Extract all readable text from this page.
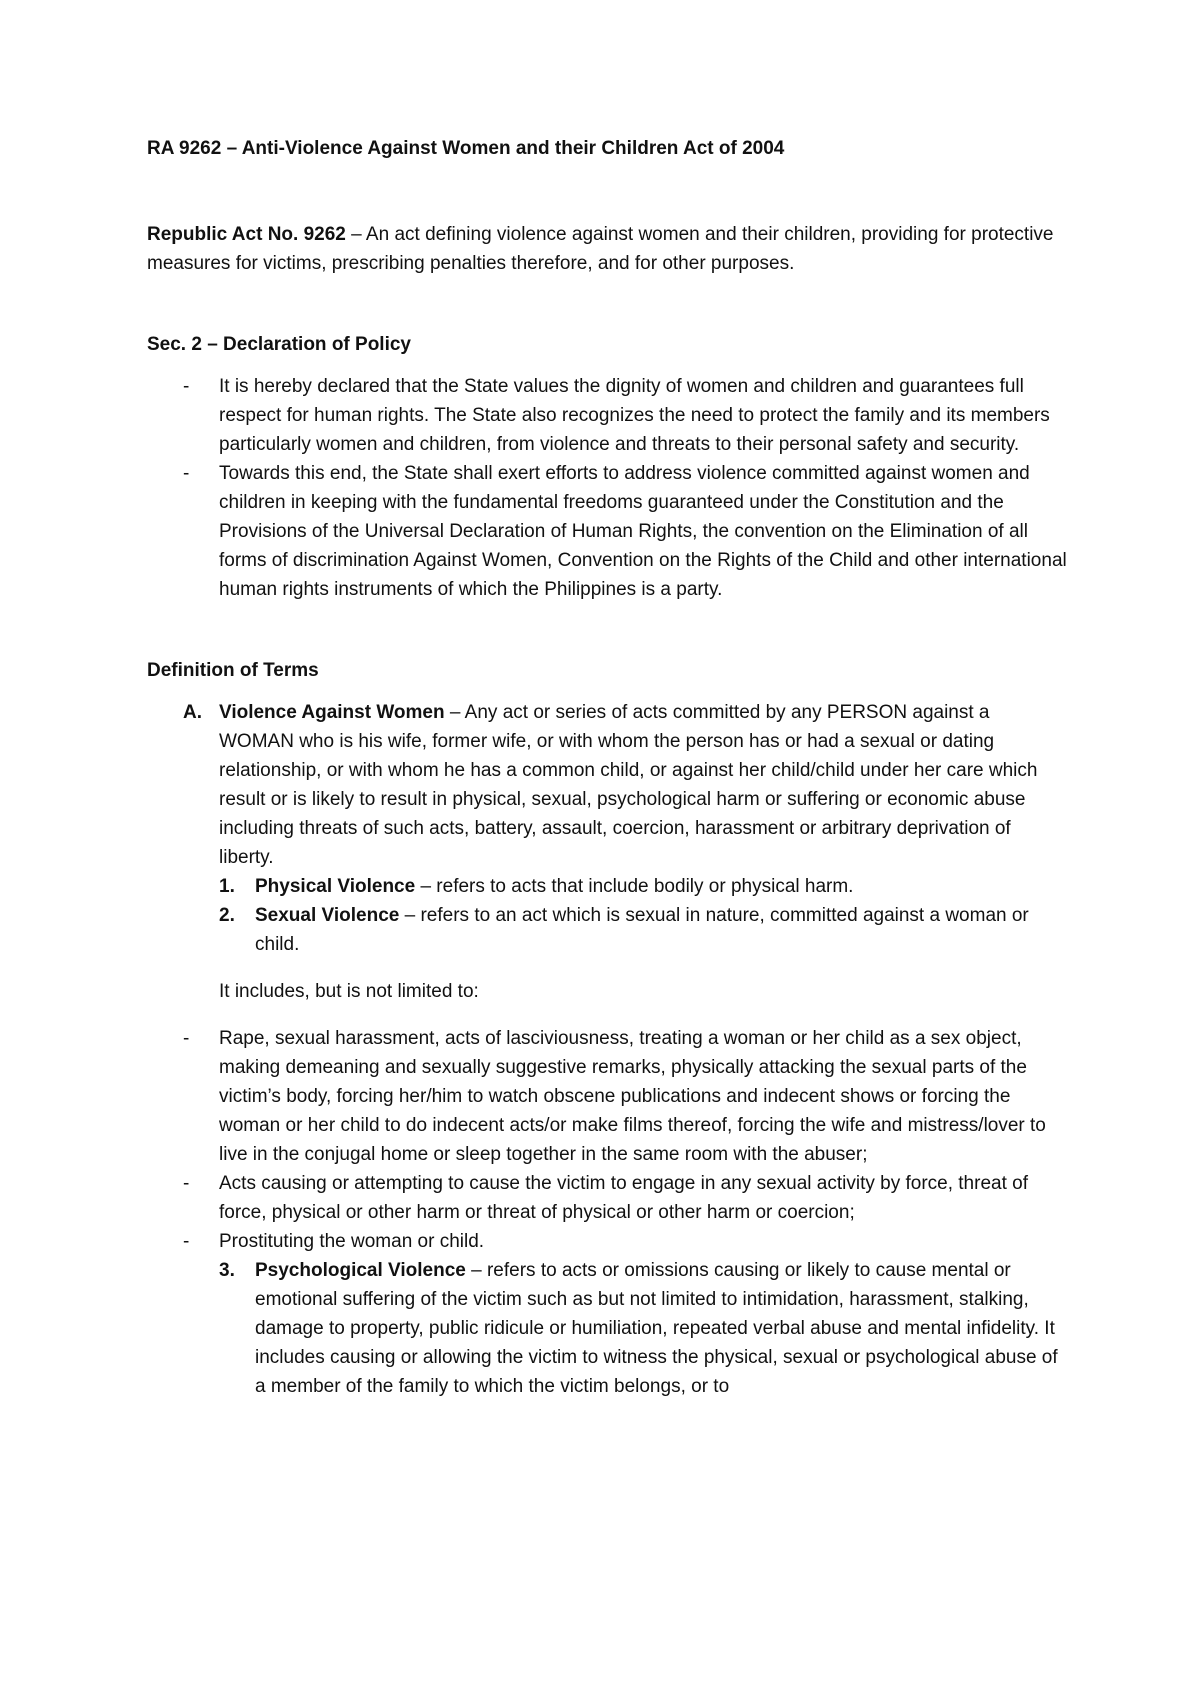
RA 9262 – Anti-Violence Against Women and their Children Act of 2004

Republic Act No. 9262 – An act defining violence against women and their children, providing for protective measures for victims, prescribing penalties therefore, and for other purposes.

Sec. 2 – Declaration of Policy

- It is hereby declared that the State values the dignity of women and children and guarantees full respect for human rights. The State also recognizes the need to protect the family and its members particularly women and children, from violence and threats to their personal safety and security.

- Towards this end, the State shall exert efforts to address violence committed against women and children in keeping with the fundamental freedoms guaranteed under the Constitution and the Provisions of the Universal Declaration of Human Rights, the convention on the Elimination of all forms of discrimination Against Women, Convention on the Rights of the Child and other international human rights instruments of which the Philippines is a party.

Definition of Terms

A. Violence Against Women – Any act or series of acts committed by any PERSON against a WOMAN who is his wife, former wife, or with whom the person has or had a sexual or dating relationship, or with whom he has a common child, or against her child/child under her care which result or is likely to result in physical, sexual, psychological harm or suffering or economic abuse including threats of such acts, battery, assault, coercion, harassment or arbitrary deprivation of liberty.

1. Physical Violence – refers to acts that include bodily or physical harm.

2. Sexual Violence – refers to an act which is sexual in nature, committed against a woman or child.

It includes, but is not limited to:

- Rape, sexual harassment, acts of lasciviousness, treating a woman or her child as a sex object, making demeaning and sexually suggestive remarks, physically attacking the sexual parts of the victim’s body, forcing her/him to watch obscene publications and indecent shows or forcing the woman or her child to do indecent acts/or make films thereof, forcing the wife and mistress/lover to live in the conjugal home or sleep together in the same room with the abuser;

- Acts causing or attempting to cause the victim to engage in any sexual activity by force, threat of force, physical or other harm or threat of physical or other harm or coercion;

- Prostituting the woman or child.

3. Psychological Violence – refers to acts or omissions causing or likely to cause mental or emotional suffering of the victim such as but not limited to intimidation, harassment, stalking, damage to property, public ridicule or humiliation, repeated verbal abuse and mental infidelity. It includes causing or allowing the victim to witness the physical, sexual or psychological abuse of a member of the family to which the victim belongs, or to
